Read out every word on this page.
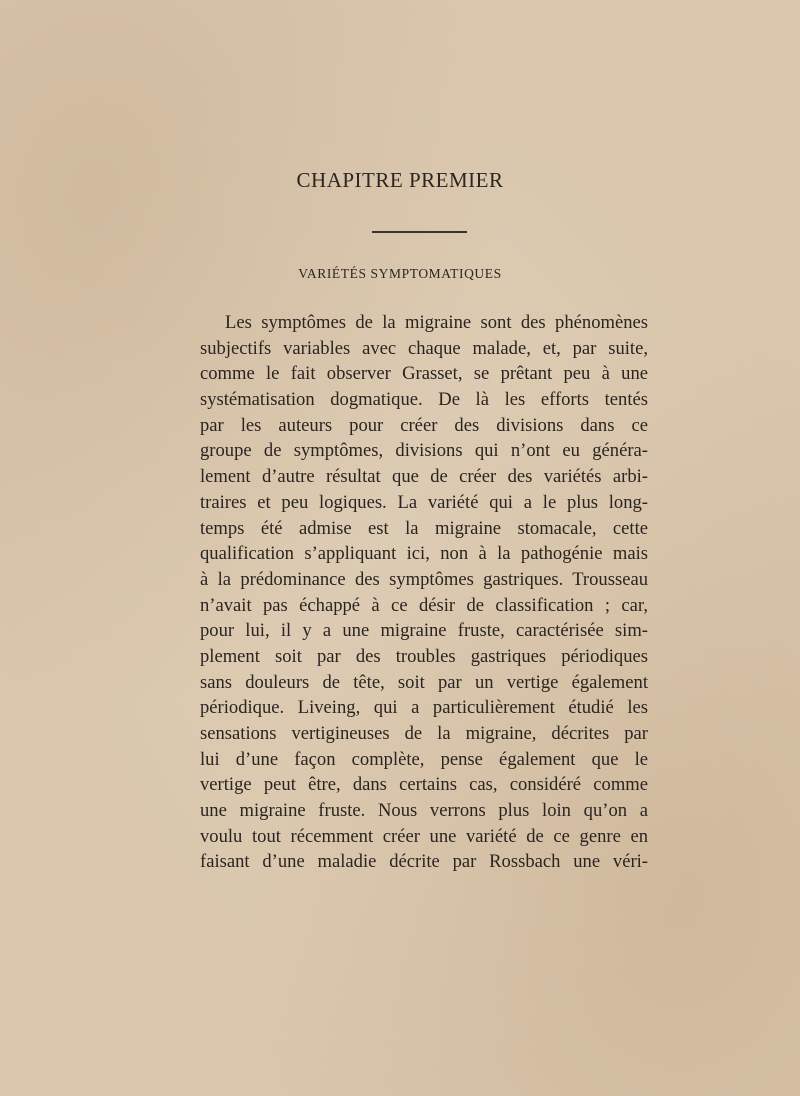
CHAPITRE PREMIER
VARIÉTÉS SYMPTOMATIQUES
Les symptômes de la migraine sont des phénomènes
subjectifs variables avec chaque malade, et, par suite,
comme le fait observer Grasset, se prêtant peu à une
systématisation dogmatique. De là les efforts tentés
par les auteurs pour créer des divisions dans ce
groupe de symptômes, divisions qui n’ont eu généra-
lement d’autre résultat que de créer des variétés arbi-
traires et peu logiques. La variété qui a le plus long-
temps été admise est la migraine stomacale, cette
qualification s’appliquant ici, non à la pathogénie mais
à la prédominance des symptômes gastriques. Trousseau
n’avait pas échappé à ce désir de classification ; car,
pour lui, il y a une migraine fruste, caractérisée sim-
plement soit par des troubles gastriques périodiques
sans douleurs de tête, soit par un vertige également
périodique. Liveing, qui a particulièrement étudié les
sensations vertigineuses de la migraine, décrites par
lui d’une façon complète, pense également que le
vertige peut être, dans certains cas, considéré comme
une migraine fruste. Nous verrons plus loin qu’on a
voulu tout récemment créer une variété de ce genre en
faisant d’une maladie décrite par Rossbach une véri-
